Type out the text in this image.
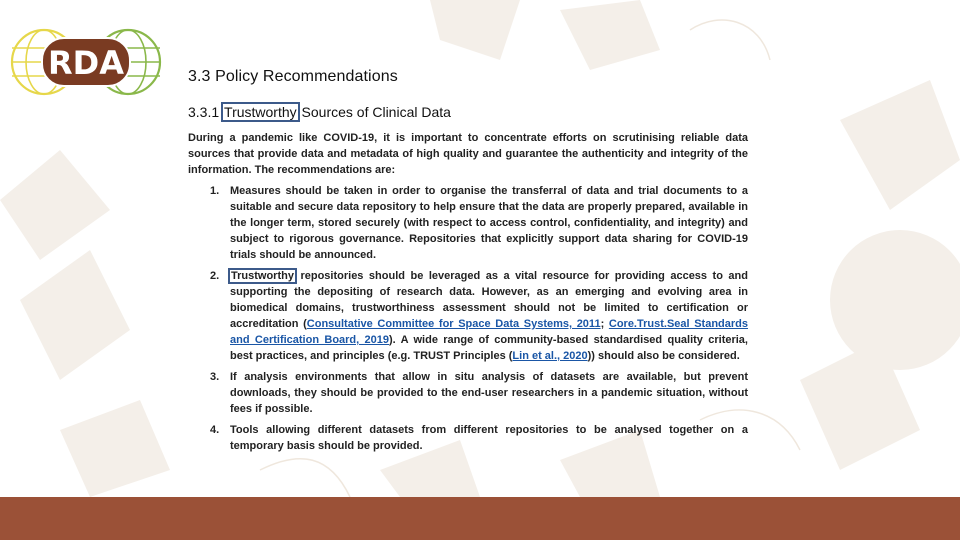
RDA	3.3 Policy Recommendations
3.3.1 Trustworthy Sources of Clinical Data

During a pandemic like COVID-19, it is important to concentrate efforts on scrutinising reliable data sources that provide data and metadata of high quality and guarantee the authenticity and integrity of the information. The recommendations are:

1. Measures should be taken in order to organise the transferral of data and trial documents to a suitable and secure data repository to help ensure that the data are properly prepared, available in the longer term, stored securely (with respect to access control, confidentiality, and integrity) and subject to rigorous governance. Repositories that explicitly support data sharing for COVID-19 trials should be announced.
2.	Trustworthy repositories should be leveraged as a vital resource for providing access to and supporting the depositing of research data. However, as an emerging and evolving area in biomedical domains, trustworthiness assessment should not be limited to certification or accreditation (Consultative Committee for Space Data Systems, 2011; Core.Trust.Seal Standards and Certification Board, 2019). A wide range of community-based standardised quality criteria, best practices, and principles (e.g. TRUST Principles (Lin et al., 2020)) should also be considered.
3. If analysis environments that allow in situ analysis of datasets are available, but prevent downloads, they should be provided to the end-user researchers in a pandemic situation, without fees if possible.
4. Tools allowing different datasets from different repositories to be analysed together on a temporary basis should be provided.
